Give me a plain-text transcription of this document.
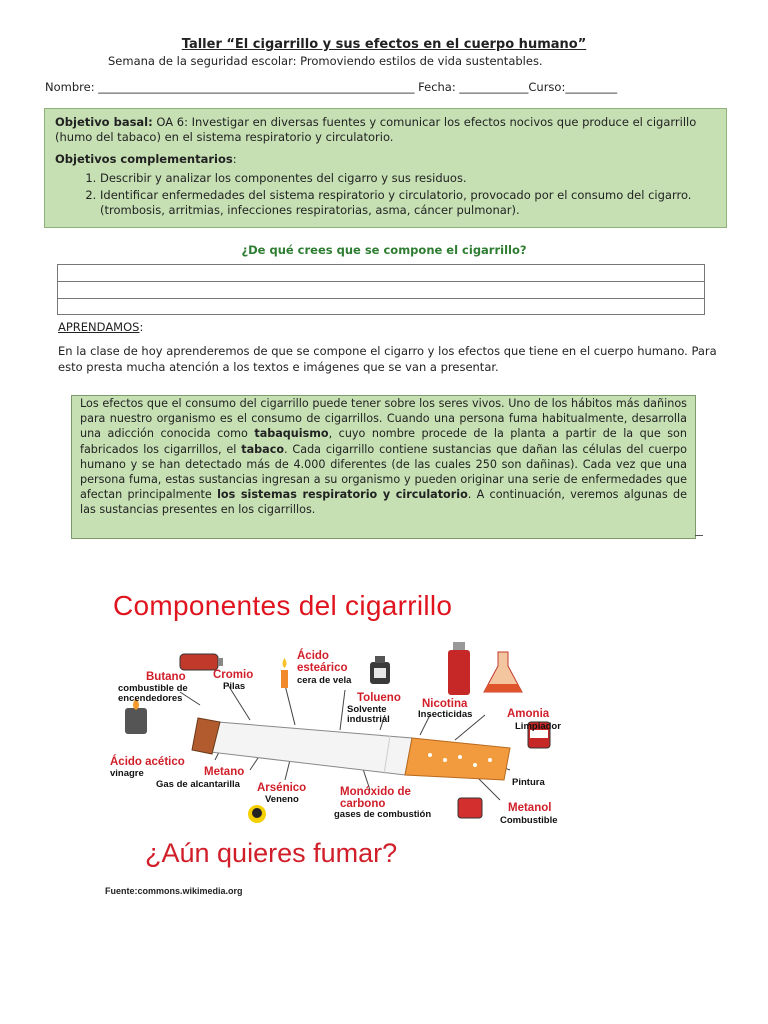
Taller “El cigarrillo y sus efectos en el cuerpo humano”
Semana de la seguridad escolar: Promoviendo estilos de vida sustentables.
Nombre: _______________________________________________________ Fecha: ____________Curso:_________

Objetivo basal: OA 6: Investigar en diversas fuentes y comunicar los efectos nocivos que produce el cigarrillo (humo del tabaco) en el sistema respiratorio y circulatorio.

Objetivos complementarios:

1. Describir y analizar los componentes del cigarro y sus residuos.
2. Identificar enfermedades del sistema respiratorio y circulatorio, provocado por el consumo del cigarro. (trombosis, arritmias, infecciones respiratorias, asma, cáncer pulmonar).
¿De qué crees que se compone el cigarrillo?
APRENDAMOS:
En la clase de hoy aprenderemos de que se compone el cigarro y los efectos que tiene en el cuerpo humano. Para esto presta mucha atención a los textos e imágenes que se van a presentar.
Los efectos que el consumo del cigarrillo puede tener sobre los seres vivos. Uno de los hábitos más dañinos para nuestro organismo es el consumo de cigarrillos. Cuando una persona fuma habitualmente, desarrolla una adicción conocida como tabaquismo, cuyo nombre procede de la planta a partir de la que son fabricados los cigarrillos, el tabaco. Cada cigarrillo contiene sustancias que dañan las células del cuerpo humano y se han detectado más de 4.000 diferentes (de las cuales 250 son dañinas). Cada vez que una persona fuma, estas sustancias ingresan a su organismo y pueden originar una serie de enfermedades que afectan principalmente los sistemas respiratorio y circulatorio. A continuación, veremos algunas de las sustancias presentes en los cigarrillos.
Componentes del cigarrillo
Butano
combustible de
encendedores
Cromio
Pilas
Ácido
esteárico
cera de vela
Tolueno
Solvente
industrial
Nicotina
Insecticidas	Amonia
Limpiador
Ácido acético
vinagre	Metano
Gas de alcantarilla Arsénico
Veneno
Monóxido de
carbono
gases de combustión
Pintura
Metanol
Combustible
¿Aún quieres fumar?
Fuente:commons.wikimedia.org
